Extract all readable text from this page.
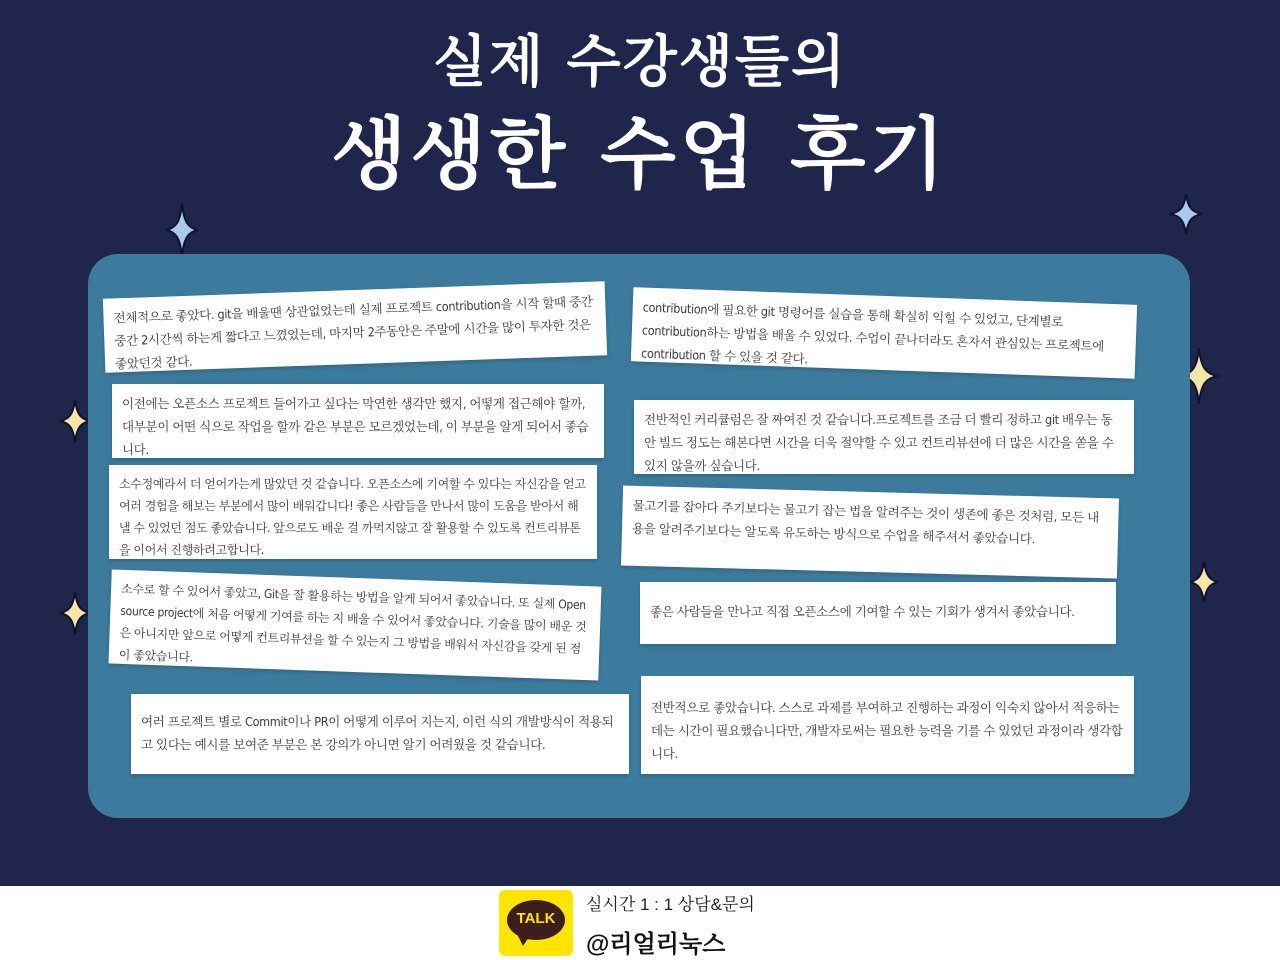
실제 수강생들의
생생한 수업 후기
전체적으로 좋았다. git을 배울땐 상관없었는데 실제 프로젝트 contribution을 시작 할때 중간중간 2시간씩 하는게 짧다고 느꼈었는데, 마지막 2주동안은 주말에 시간을 많이 투자한 것은 좋았던것 같다.
contribution에 필요한 git 명령어를 실습을 통해 확실히 익힐 수 있었고, 단계별로 contribution하는 방법을 배울 수 있었다. 수업이 끝나더라도 혼자서 관심있는 프로젝트에 contribution 할 수 있을 것 같다.
이전에는 오픈소스 프로젝트 들어가고 싶다는 막연한 생각만 했지, 어떻게 접근해야 할까, 대부분이 어떤 식으로 작업을 할까 같은 부분은 모르겠었는데, 이 부분을 알게 되어서 좋습니다.
전반적인 커리큘럼은 잘 짜여진 것 같습니다.프로젝트를 조금 더 빨리 정하고 git 배우는 동안 빌드 정도는 해본다면 시간을 더욱 절약할 수 있고 컨트리뷰션에 더 많은 시간을 쏟을 수 있지 않을까 싶습니다.
소수정예라서 더 얻어가는게 많았던 것 같습니다. 오픈소스에 기여할 수 있다는 자신감을 얻고 여러 경험을 해보는 부분에서 많이 배워갑니다! 좋은 사람들을 만나서 많이 도움을 받아서 해낼 수 있었던 점도 좋았습니다. 앞으로도 배운 걸 까먹지않고 잘 활용할 수 있도록 컨트리뷰톤을 이어서 진행하려고합니다.
물고기를 잡아다 주기보다는 물고기 잡는 법을 알려주는 것이 생존에 좋은 것처럼, 모든 내용을 알려주기보다는 알도록 유도하는 방식으로 수업을 해주셔서 좋았습니다.
소수로 할 수 있어서 좋았고, Git을 잘 활용하는 방법을 알게 되어서 좋았습니다. 또 실제 Open source project에 처음 어떻게 기여를 하는 지 배울 수 있어서 좋았습니다. 기술을 많이 배운 것은 아니지만 앞으로 어떻게 컨트리뷰션을 할 수 있는지 그 방법을 배워서 자신감을 갖게 된 점이 좋았습니다.
좋은 사람들을 만나고 직접 오픈소스에 기여할 수 있는 기회가 생겨서 좋았습니다.
여러 프로젝트 별로 Commit이나 PR이 어떻게 이루어 지는지, 이런 식의 개발방식이 적용되고 있다는 예시를 보여준 부분은 본 강의가 아니면 알기 어려웠을 것 같습니다.
전반적으로 좋았습니다. 스스로 과제를 부여하고 진행하는 과정이 익숙치 않아서 적응하는데는 시간이 필요했습니다만, 개발자로써는 필요한 능력을 기를 수 있었던 과정이라 생각합니다.
TALK
실시간 1 : 1 상담&문의
@리얼리눅스
